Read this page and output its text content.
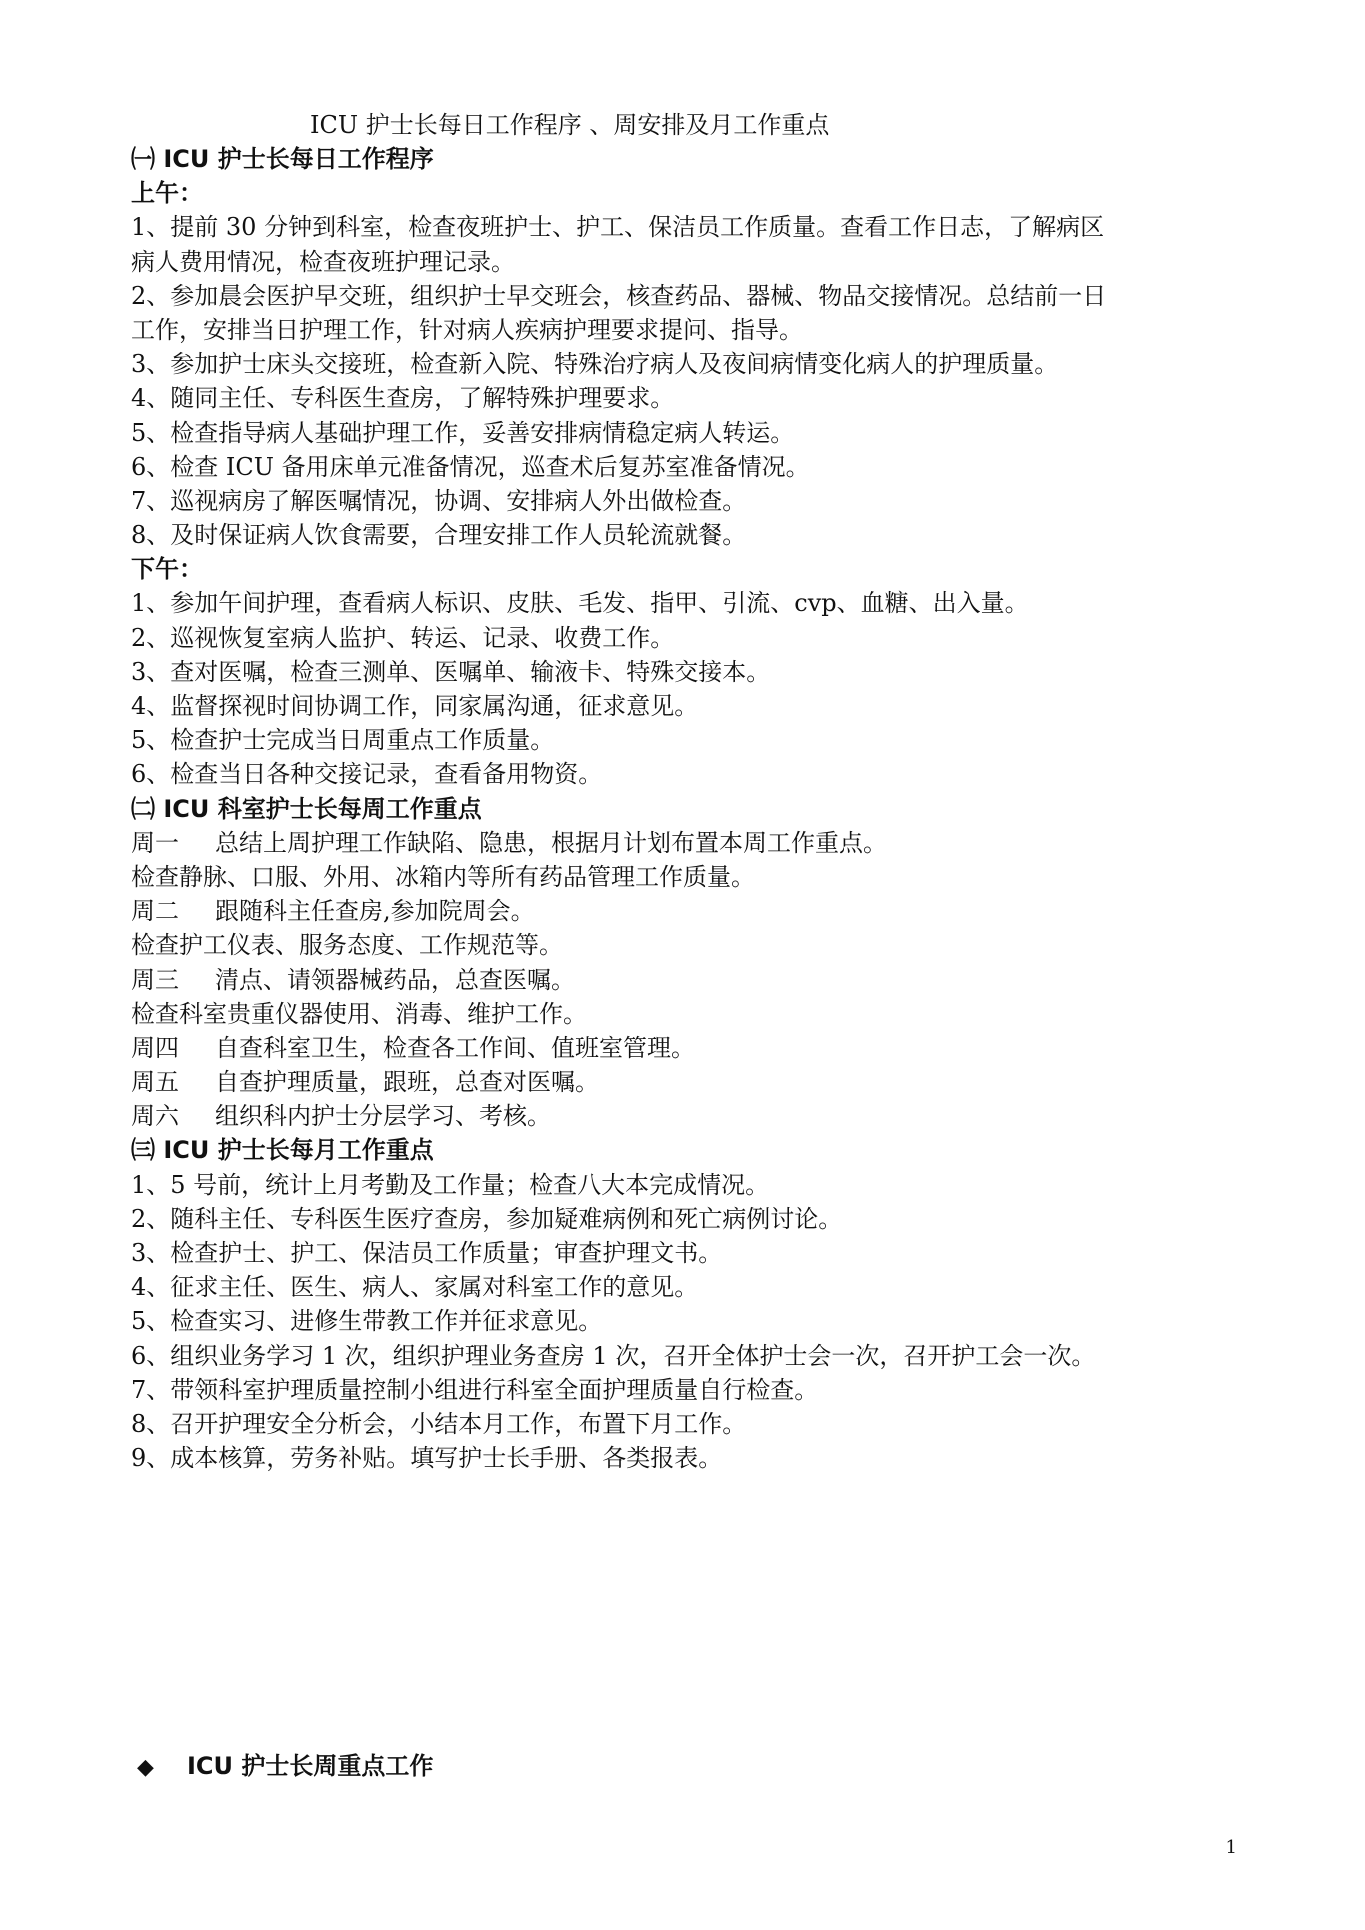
ICU 护士长每日工作程序 、周安排及月工作重点
㈠ ICU 护士长每日工作程序
上午：
1、提前 30 分钟到科室，检查夜班护士、护工、保洁员工作质量。查看工作日志，了解病区
病人费用情况，检查夜班护理记录。
2、参加晨会医护早交班，组织护士早交班会，核查药品、器械、物品交接情况。总结前一日
工作，安排当日护理工作，针对病人疾病护理要求提问、指导。
3、参加护士床头交接班，检查新入院、特殊治疗病人及夜间病情变化病人的护理质量。
4、随同主任、专科医生查房，了解特殊护理要求。
5、检查指导病人基础护理工作，妥善安排病情稳定病人转运。
6、检查 ICU 备用床单元准备情况，巡查术后复苏室准备情况。
7、巡视病房了解医嘱情况，协调、安排病人外出做检查。
8、及时保证病人饮食需要，合理安排工作人员轮流就餐。
下午：
1、参加午间护理，查看病人标识、皮肤、毛发、指甲、引流、cvp、血糖、出入量。
2、巡视恢复室病人监护、转运、记录、收费工作。
3、查对医嘱，检查三测单、医嘱单、输液卡、特殊交接本。
4、监督探视时间协调工作，同家属沟通，征求意见。
5、检查护士完成当日周重点工作质量。
6、检查当日各种交接记录，查看备用物资。
㈡ ICU 科室护士长每周工作重点
周一 总结上周护理工作缺陷、隐患，根据月计划布置本周工作重点。
检查静脉、口服、外用、冰箱内等所有药品管理工作质量。
周二 跟随科主任查房,参加院周会。
检查护工仪表、服务态度、工作规范等。
周三 清点、请领器械药品，总查医嘱。
检查科室贵重仪器使用、消毒、维护工作。
周四 自查科室卫生，检查各工作间、值班室管理。
周五 自查护理质量，跟班，总查对医嘱。
周六 组织科内护士分层学习、考核。
㈢ ICU 护士长每月工作重点
1、5 号前，统计上月考勤及工作量；检查八大本完成情况。
2、随科主任、专科医生医疗查房，参加疑难病例和死亡病例讨论。
3、检查护士、护工、保洁员工作质量；审查护理文书。
4、征求主任、医生、病人、家属对科室工作的意见。
5、检查实习、进修生带教工作并征求意见。
6、组织业务学习 1 次，组织护理业务查房 1 次，召开全体护士会一次，召开护工会一次。
7、带领科室护理质量控制小组进行科室全面护理质量自行检查。
8、召开护理安全分析会，小结本月工作，布置下月工作。
9、成本核算，劳务补贴。填写护士长手册、各类报表。
◆ ICU 护士长周重点工作
1
